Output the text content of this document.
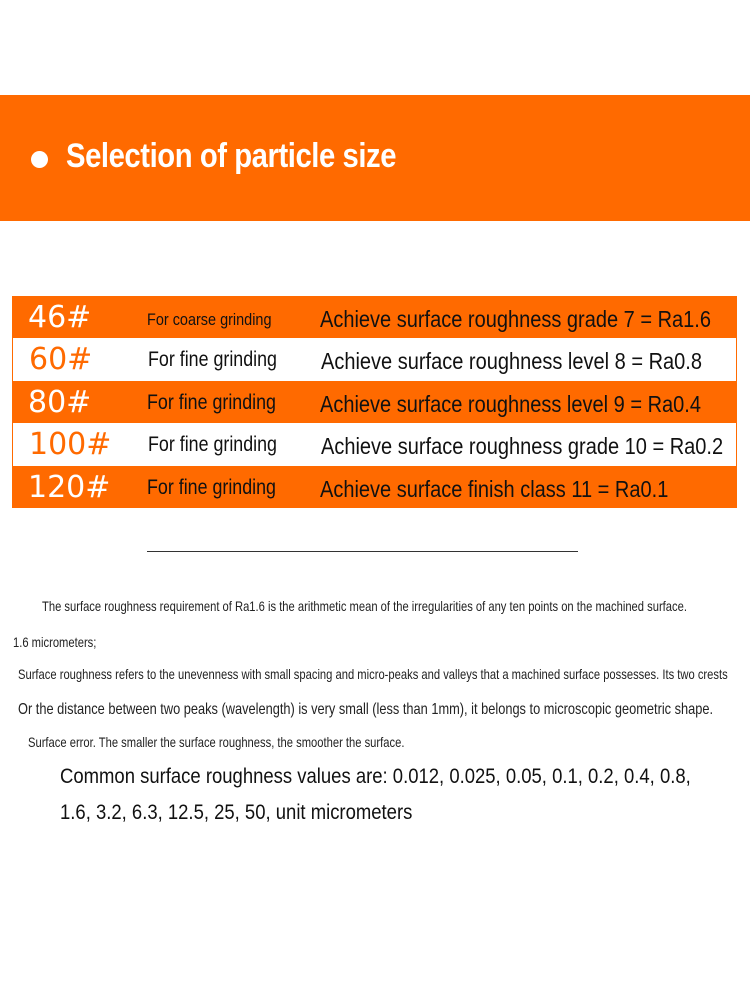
Selection of particle size
46#	For coarse grinding Achieve surface roughness grade 7 = Ra1.6
60#	For fine grinding Achieve surface roughness level 8 = Ra0.8
80#	For fine grinding Achieve surface roughness level 9 = Ra0.4
100# For fine grinding Achieve surface roughness grade 10 = Ra0.2
120# For fine grinding Achieve surface finish class 11 = Ra0.1
The surface roughness requirement of Ra1.6 is the arithmetic mean of the irregularities of any ten points on the machined surface.
1.6 micrometers;
Surface roughness refers to the unevenness with small spacing and micro-peaks and valleys that a machined surface possesses. Its two crests
Or the distance between two peaks (wavelength) is very small (less than 1mm), it belongs to microscopic geometric shape.
Surface error. The smaller the surface roughness, the smoother the surface.
Common surface roughness values are: 0.012, 0.025, 0.05, 0.1, 0.2, 0.4, 0.8,
1.6, 3.2, 6.3, 12.5, 25, 50, unit micrometers
